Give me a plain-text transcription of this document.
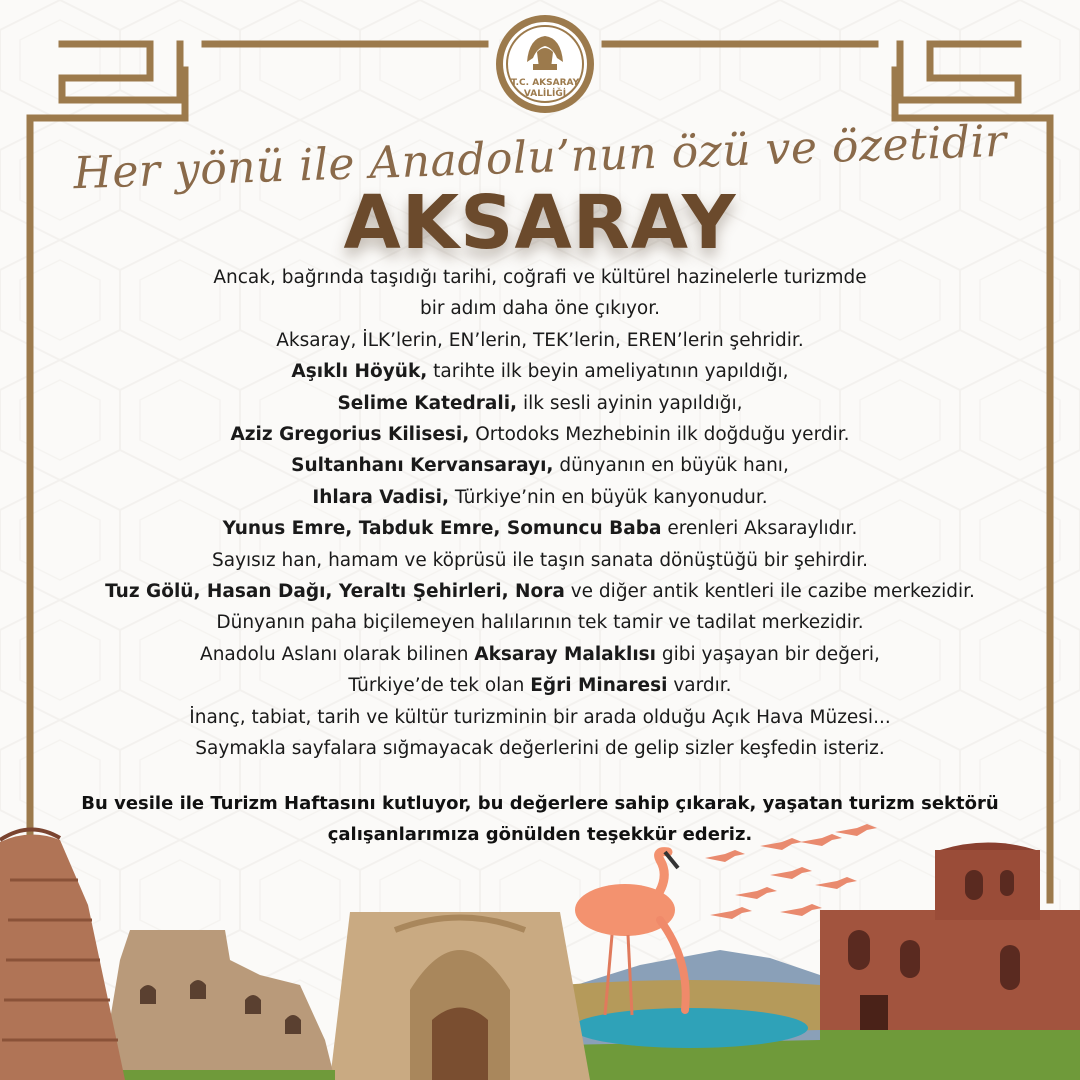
T.C. AKSARAY
VALİLİĞİ
Her yönü ile Anadolu’nun özü ve özetidir
AKSARAY
Ancak, bağrında taşıdığı tarihi, coğrafi ve kültürel hazinelerle turizmde
bir adım daha öne çıkıyor.
Aksaray, İLK’lerin, EN’lerin, TEK’lerin, EREN’lerin şehridir.
Aşıklı Höyük, tarihte ilk beyin ameliyatının yapıldığı,
Selime Katedrali, ilk sesli ayinin yapıldığı,
Aziz Gregorius Kilisesi, Ortodoks Mezhebinin ilk doğduğu yerdir.
Sultanhanı Kervansarayı, dünyanın en büyük hanı,
Ihlara Vadisi, Türkiye’nin en büyük kanyonudur.
Yunus Emre, Tabduk Emre, Somuncu Baba erenleri Aksaraylıdır.
Sayısız han, hamam ve köprüsü ile taşın sanata dönüştüğü bir şehirdir.
Tuz Gölü, Hasan Dağı, Yeraltı Şehirleri, Nora ve diğer antik kentleri ile cazibe merkezidir.
Dünyanın paha biçilemeyen halılarının tek tamir ve tadilat merkezidir.
Anadolu Aslanı olarak bilinen Aksaray Malaklısı gibi yaşayan bir değeri,
Türkiye’de tek olan Eğri Minaresi vardır.
İnanç, tabiat, tarih ve kültür turizminin bir arada olduğu Açık Hava Müzesi...
Saymakla sayfalara sığmayacak değerlerini de gelip sizler keşfedin isteriz.
Bu vesile ile Turizm Haftasını kutluyor, bu değerlere sahip çıkarak, yaşatan turizm sektörü
çalışanlarımıza gönülden teşekkür ederiz.
